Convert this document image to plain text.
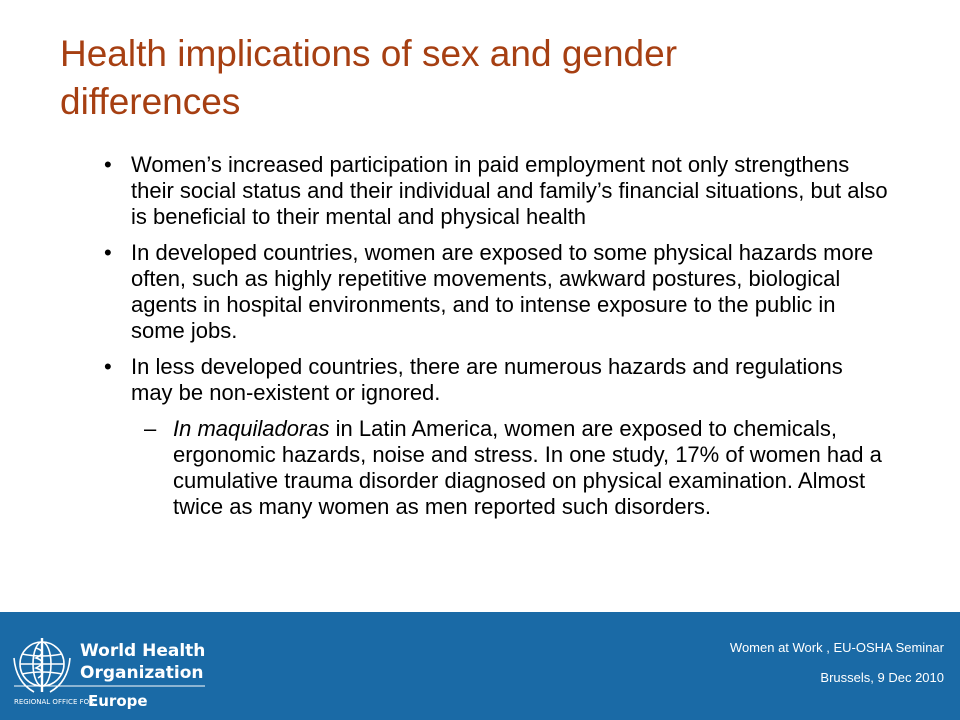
Health implications of sex and gender
differences
• Women’s increased participation in paid employment not only strengthens their social status and their individual and family’s financial situations, but also is beneficial to their mental and physical health
• In developed countries, women are exposed to some physical hazards more often, such as highly repetitive movements, awkward postures, biological agents in hospital environments, and to intense exposure to the public in some jobs.
• In less developed countries, there are numerous hazards and regulations may be non-existent or ignored.
– In maquiladoras in Latin America, women are exposed to chemicals, ergonomic hazards, noise and stress. In one study, 17% of women had a cumulative trauma disorder diagnosed on physical examination. Almost twice as many women as men reported such disorders.
World Health
Organization
REGIONAL OFFICE FOR
Europe
Women at Work , EU-OSHA Seminar
Brussels, 9 Dec 2010
